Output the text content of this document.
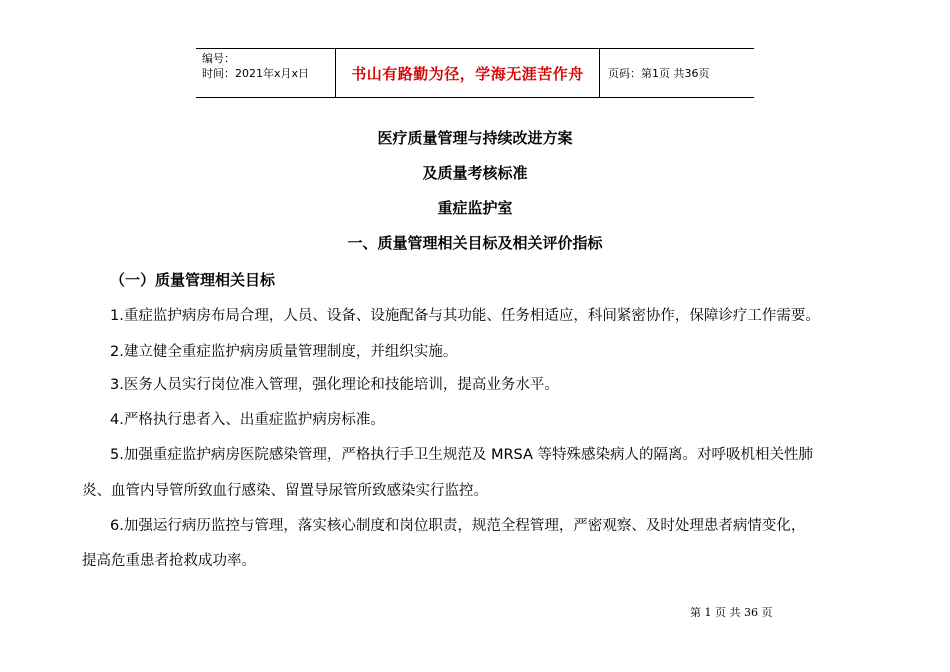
编号：
时间：2021年x月x日	书山有路勤为径，学海无涯苦作舟	页码：第1页 共36页
医疗质量管理与持续改进方案
及质量考核标准
重症监护室
一、质量管理相关目标及相关评价指标
（一）质量管理相关目标
1.重症监护病房布局合理，人员、设备、设施配备与其功能、任务相适应，科间紧密协作，保障诊疗工作需要。
2.建立健全重症监护病房质量管理制度，并组织实施。
3.医务人员实行岗位准入管理，强化理论和技能培训，提高业务水平。
4.严格执行患者入、出重症监护病房标准。
5.加强重症监护病房医院感染管理，严格执行手卫生规范及 MRSA 等特殊感染病人的隔离。对呼吸机相关性肺
炎、血管内导管所致血行感染、留置导尿管所致感染实行监控。
6.加强运行病历监控与管理，落实核心制度和岗位职责，规范全程管理，严密观察、及时处理患者病情变化，
提高危重患者抢救成功率。
第 1 页 共 36 页
